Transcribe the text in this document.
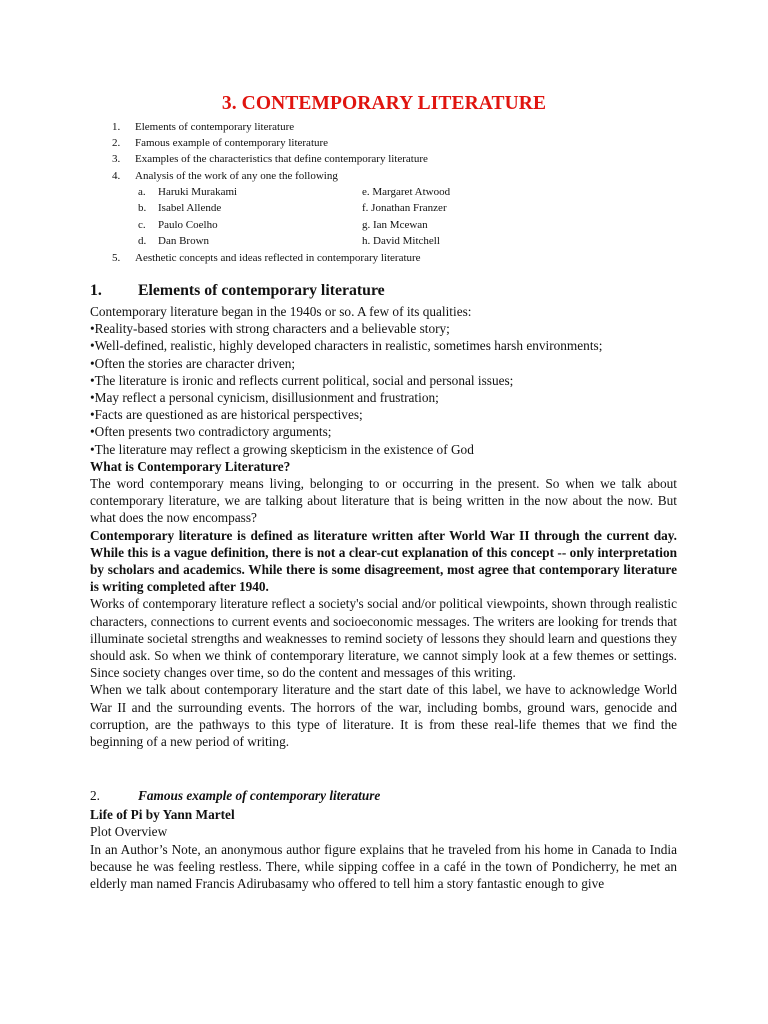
3. CONTEMPORARY LITERATURE
1. Elements of contemporary literature
2. Famous example of contemporary literature
3. Examples of the characteristics that define contemporary literature
4. Analysis of the work of any one the following
a. Haruki Murakami	e. Margaret Atwood
b. Isabel Allende	f. Jonathan Franzer
c. Paulo Coelho	g. Ian Mcewan
d. Dan Brown	h. David Mitchell
5. Aesthetic concepts and ideas reflected in contemporary literature
1. Elements of contemporary literature

Contemporary literature began in the 1940s or so. A few of its qualities:

•Reality-based stories with strong characters and a believable story;

•Well-defined, realistic, highly developed characters in realistic, sometimes harsh environments;

•Often the stories are character driven;

•The literature is ironic and reflects current political, social and personal issues;

•May reflect a personal cynicism, disillusionment and frustration;

•Facts are questioned as are historical perspectives;

•Often presents two contradictory arguments;

•The literature may reflect a growing skepticism in the existence of God

What is Contemporary Literature?

The word contemporary means living, belonging to or occurring in the present. So when we talk about contemporary literature, we are talking about literature that is being written in the now about the now. But what does the now encompass?

Contemporary literature is defined as literature written after World War II through the current day. While this is a vague definition, there is not a clear-cut explanation of this concept -- only interpretation by scholars and academics. While there is some disagreement, most agree that contemporary literature is writing completed after 1940.

Works of contemporary literature reflect a society's social and/or political viewpoints, shown through realistic characters, connections to current events and socioeconomic messages. The writers are looking for trends that illuminate societal strengths and weaknesses to remind society of lessons they should learn and questions they should ask. So when we think of contemporary literature, we cannot simply look at a few themes or settings. Since society changes over time, so do the content and messages of this writing.

When we talk about contemporary literature and the start date of this label, we have to acknowledge World War II and the surrounding events. The horrors of the war, including bombs, ground wars, genocide and corruption, are the pathways to this type of literature. It is from these real-life themes that we find the beginning of a new period of writing.

2.	Famous example of contemporary literature

Life of Pi by Yann Martel

Plot Overview

In an Author’s Note, an anonymous author figure explains that he traveled from his home in Canada to India because he was feeling restless. There, while sipping coffee in a café in the town of Pondicherry, he met an elderly man named Francis Adirubasamy who offered to tell him a story fantastic enough to give
